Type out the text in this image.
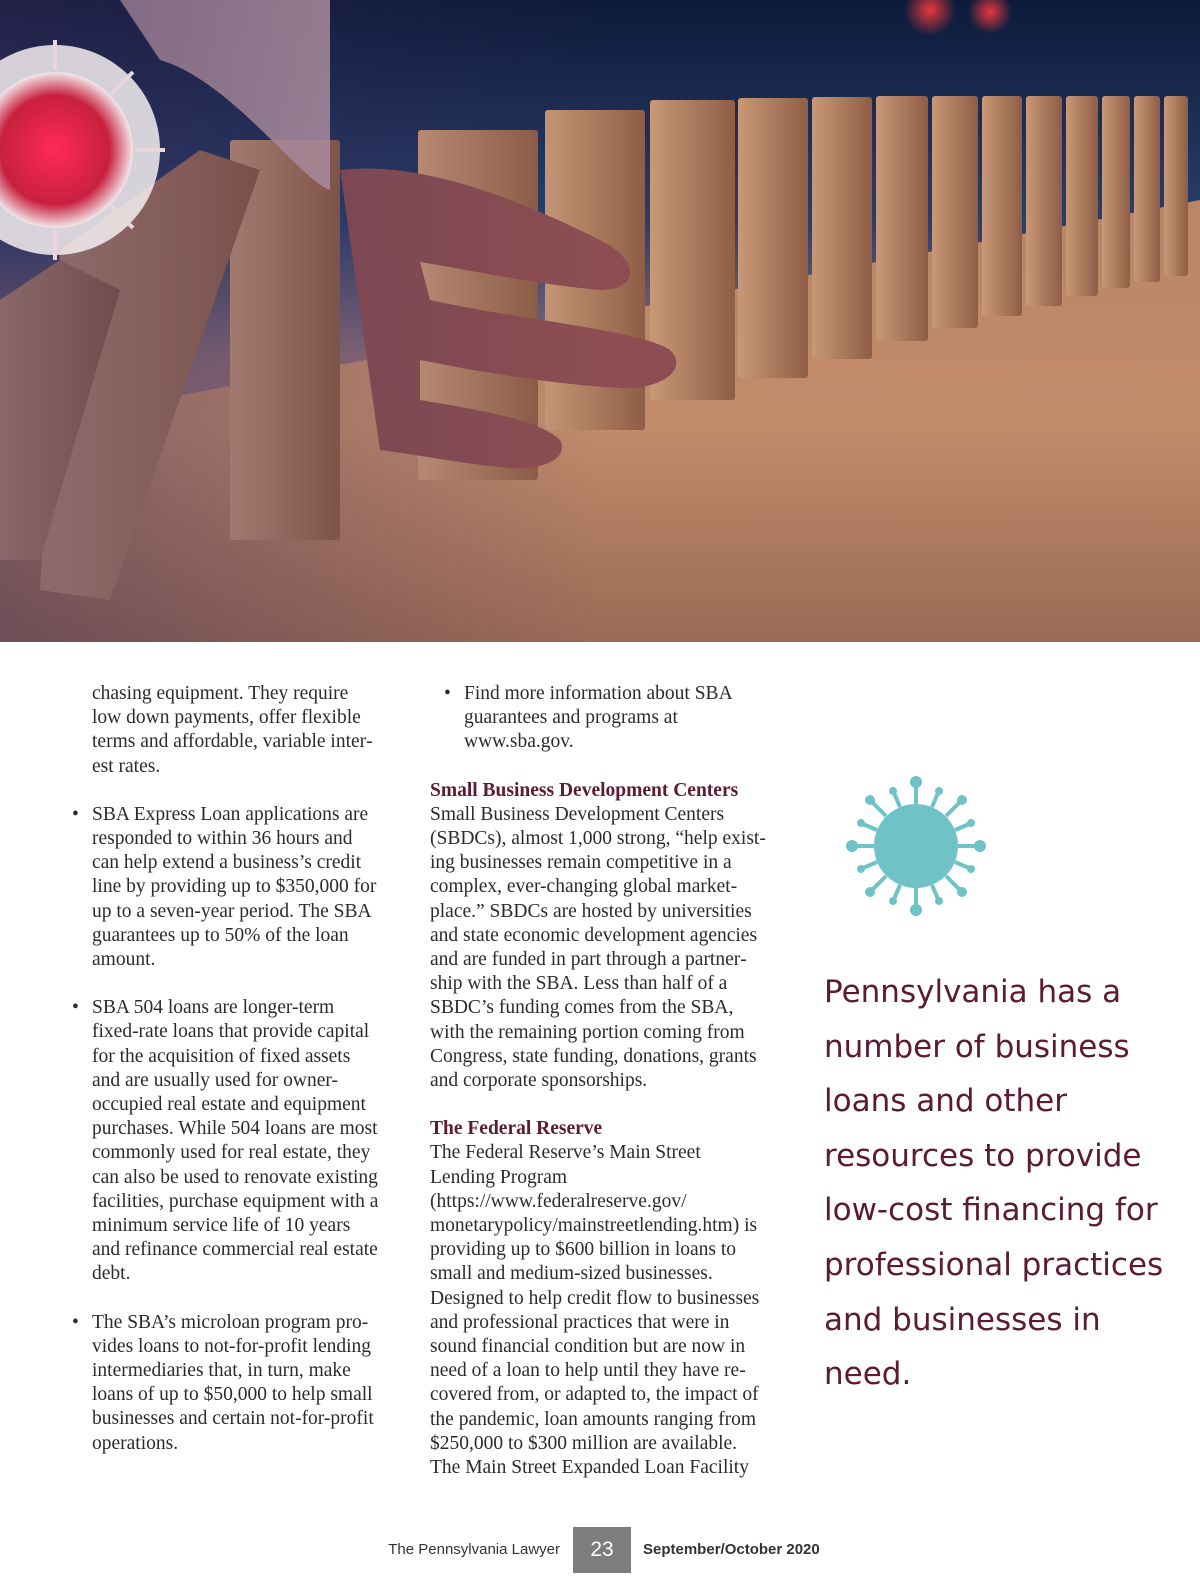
chasing equipment. They require low down payments, offer flexible terms and affordable, variable interest rates.

• SBA Express Loan applications are responded to within 36 hours and can help extend a business’s credit line by providing up to $350,000 for up to a seven-year period. The SBA guarantees up to 50% of the loan amount.
• SBA 504 loans are longer-term fixed-rate loans that provide capital for the acquisition of fixed assets and are usually used for owner-occupied real estate and equipment purchases. While 504 loans are most commonly used for real estate, they can also be used to renovate existing facilities, purchase equipment with a minimum service life of 10 years and refinance commercial real estate debt.
• The SBA’s microloan program provides loans to not-for-profit lending intermediaries that, in turn, make loans of up to $50,000 to help small businesses and certain not-for-profit operations.
• Find more information about SBA guarantees and programs at www.sba.gov.

Small Business Development Centers

Small Business Development Centers (SBDCs), almost 1,000 strong, “help existing businesses remain competitive in a complex, ever-changing global marketplace.” SBDCs are hosted by universities and state economic development agencies and are funded in part through a partnership with the SBA. Less than half of a SBDC’s funding comes from the SBA, with the remaining portion coming from Congress, state funding, donations, grants and corporate sponsorships.

The Federal Reserve

The Federal Reserve’s Main Street Lending Program (https://www.federalreserve.gov/ monetarypolicy/mainstreetlending.htm) is providing up to $600 billion in loans to small and medium-sized businesses. Designed to help credit flow to businesses and professional practices that were in sound financial condition but are now in need of a loan to help until they have recovered from, or adapted to, the impact of the pandemic, loan amounts ranging from $250,000 to $300 million are available. The Main Street Expanded Loan Facility

Pennsylvania has a number of business loans and other resources to provide low-cost financing for professional practices and businesses in need.
The Pennsylvania Lawyer	23	September/October 2020
